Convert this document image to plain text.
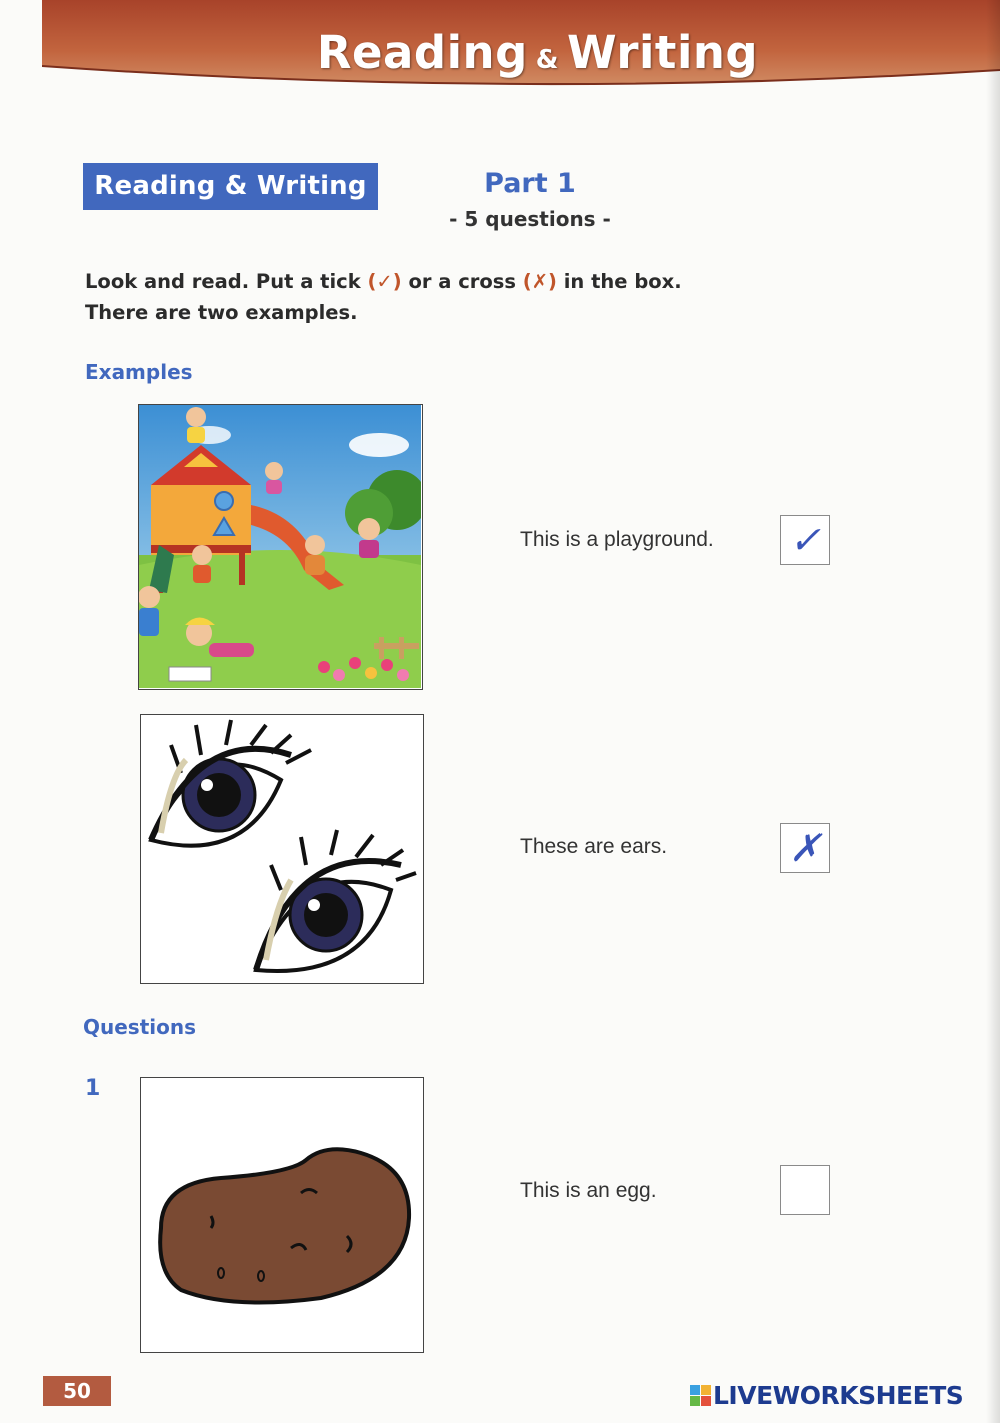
Reading & Writing
Reading & Writing	Part 1
- 5 questions -
Look and read. Put a tick (✓) or a cross (✗) in the box.
There are two examples.
Examples
This is a playground. ✓
These are ears.	✗
Questions
1
This is an egg.
50	LIVEWORKSHEETS
